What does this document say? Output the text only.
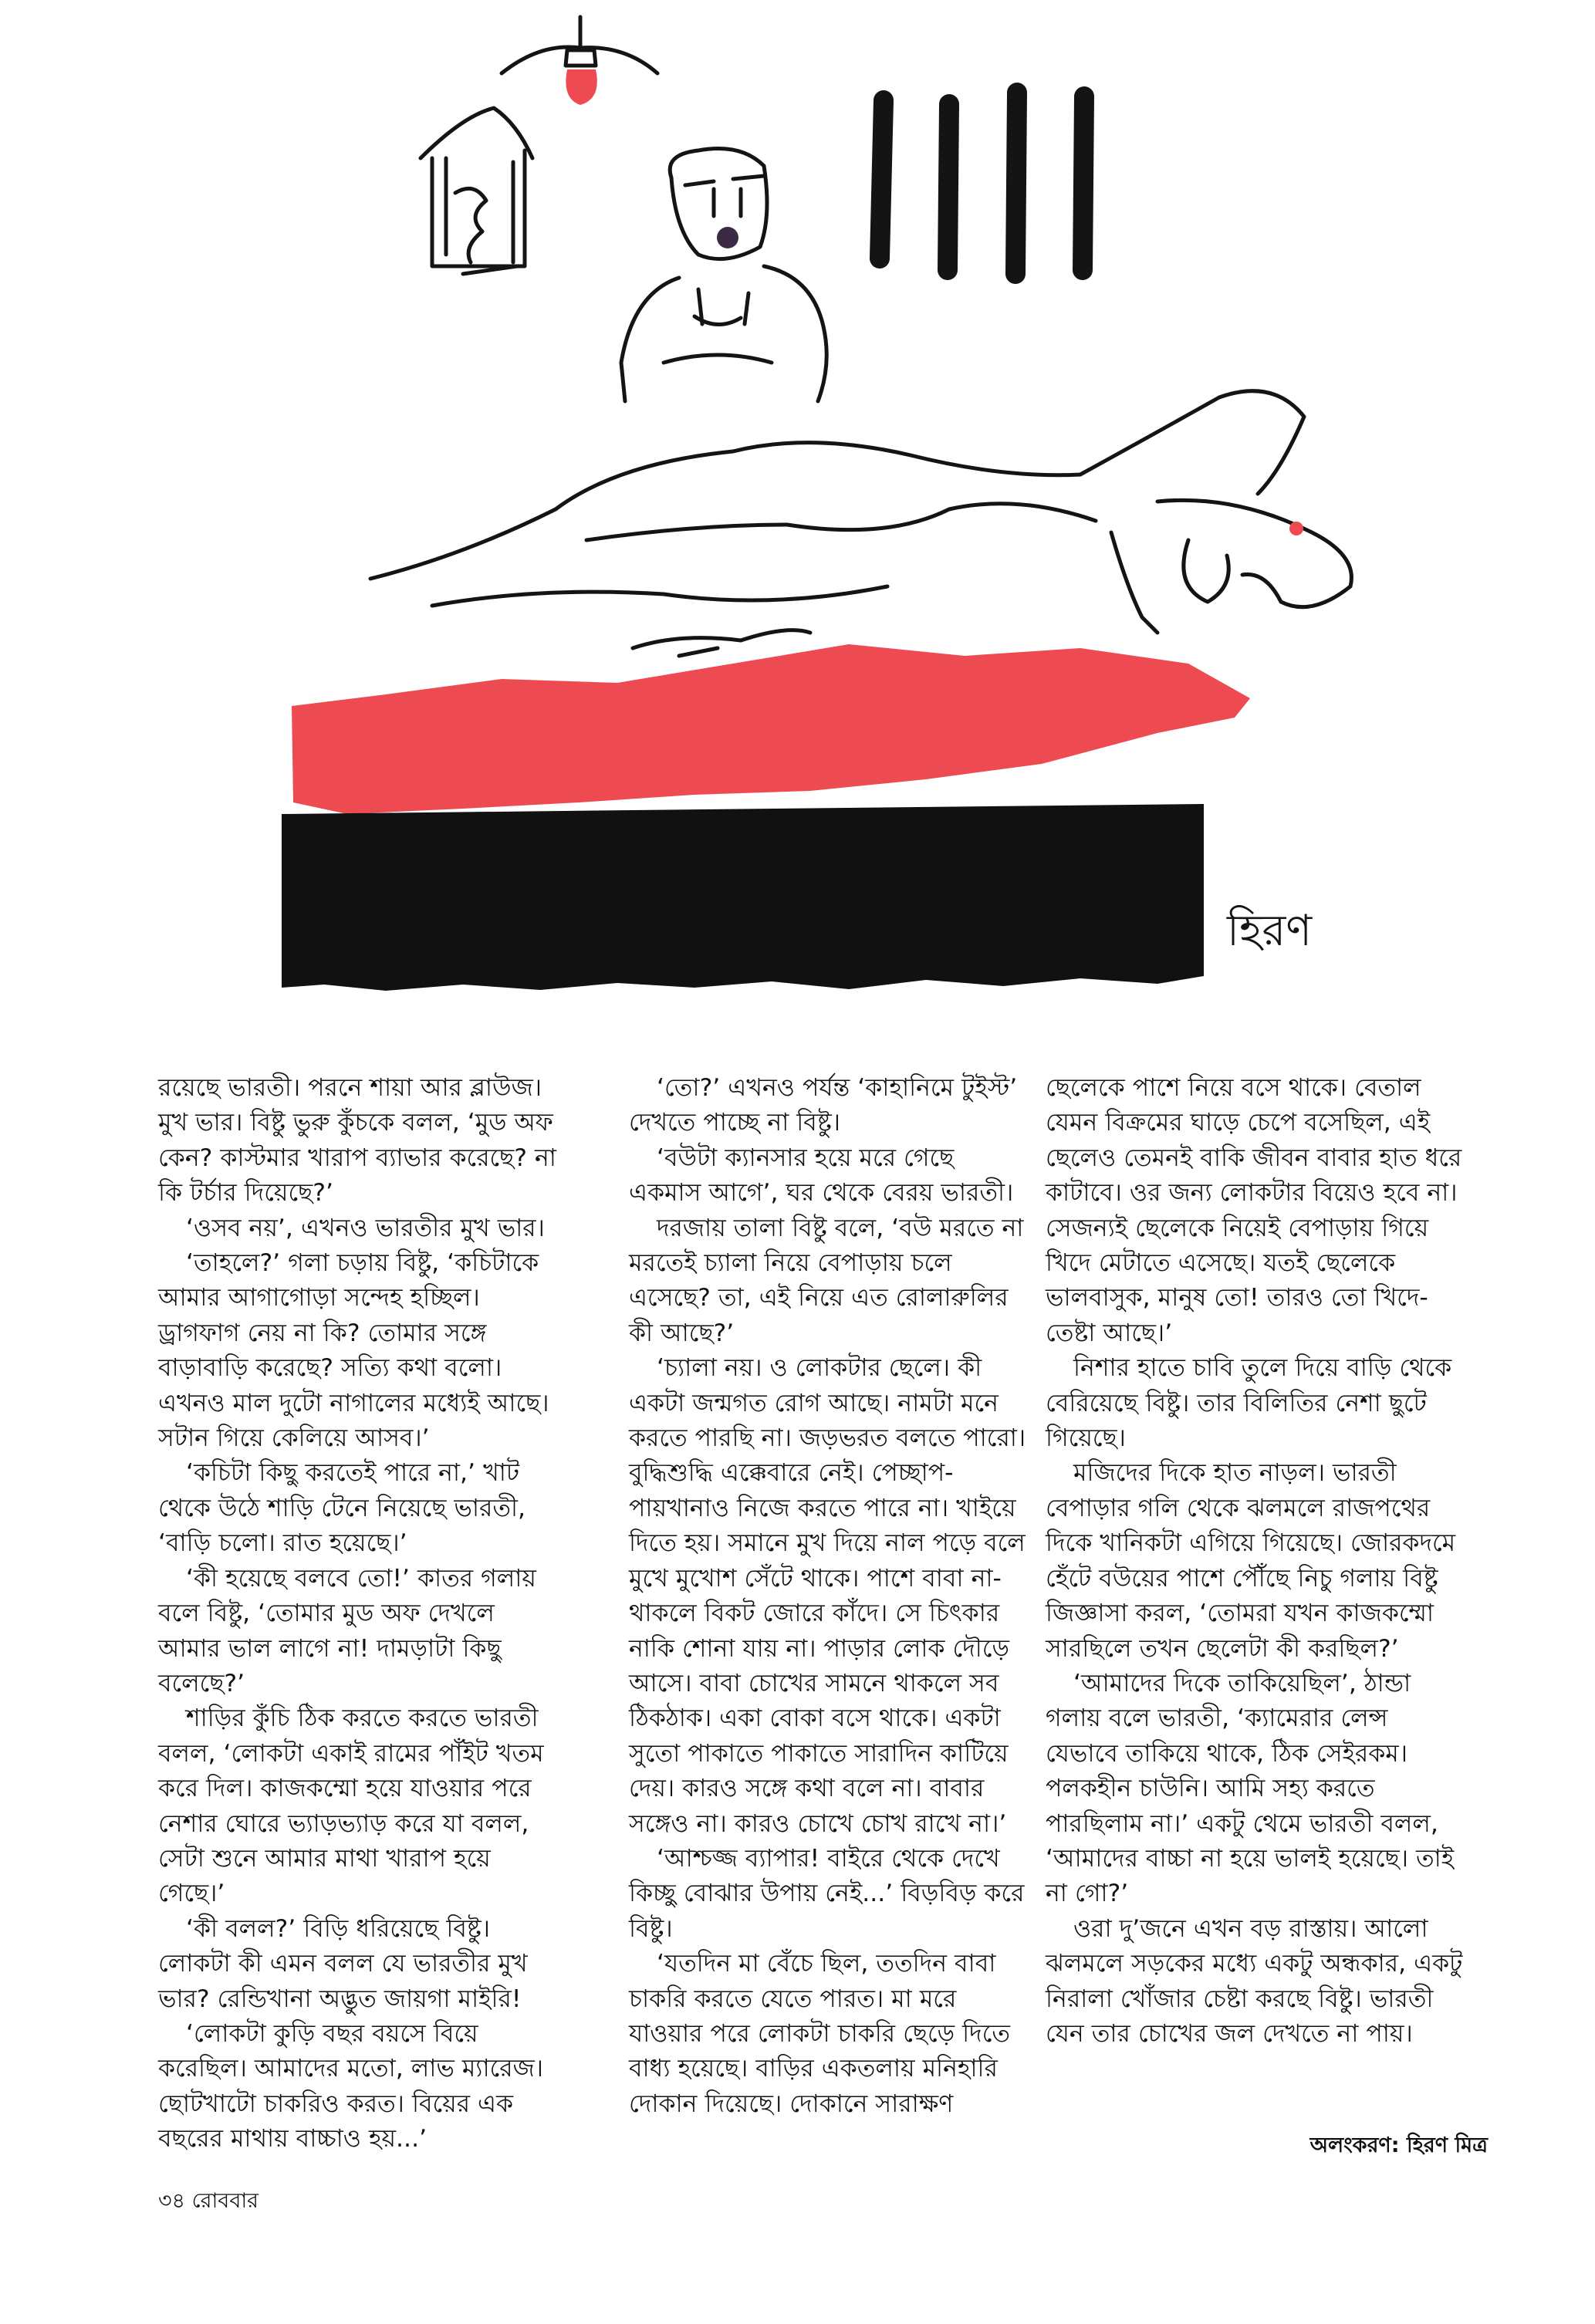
হিরণ

রয়েছে ভারতী। পরনে শায়া আর ব্লাউজ। মুখ ভার। বিষ্টু ভুরু কুঁচকে বলল, ‘মুড অফ কেন? কাস্টমার খারাপ ব্যাভার করেছে? না কি টর্চার দিয়েছে?’

‘ওসব নয়’, এখনও ভারতীর মুখ ভার।

‘তাহলে?’ গলা চড়ায় বিষ্টু, ‘কচিটাকে আমার আগাগোড়া সন্দেহ হচ্ছিল। ড্রাগফাগ নেয় না কি? তোমার সঙ্গে বাড়াবাড়ি করেছে? সত্যি কথা বলো। এখনও মাল দুটো নাগালের মধ্যেই আছে। সটান গিয়ে কেলিয়ে আসব।’

‘কচিটা কিছু করতেই পারে না,’ খাট থেকে উঠে শাড়ি টেনে নিয়েছে ভারতী, ‘বাড়ি চলো। রাত হয়েছে।’

‘কী হয়েছে বলবে তো!’ কাতর গলায় বলে বিষ্টু, ‘তোমার মুড অফ দেখলে আমার ভাল লাগে না! দামড়াটা কিছু বলেছে?’

শাড়ির কুঁচি ঠিক করতে করতে ভারতী বলল, ‘লোকটা একাই রামের পাঁইট খতম করে দিল। কাজকম্মো হয়ে যাওয়ার পরে নেশার ঘোরে ভ্যাড়ভ্যাড় করে যা বলল, সেটা শুনে আমার মাথা খারাপ হয়ে গেছে।’

‘কী বলল?’ বিড়ি ধরিয়েছে বিষ্টু। লোকটা কী এমন বলল যে ভারতীর মুখ ভার? রেন্ডিখানা অদ্ভুত জায়গা মাইরি!

‘লোকটা কুড়ি বছর বয়সে বিয়ে করেছিল। আমাদের মতো, লাভ ম্যারেজ। ছোটখাটো চাকরিও করত। বিয়ের এক বছরের মাথায় বাচ্চাও হয়...’

‘তো?’ এখনও পর্যন্ত ‘কাহানিমে টুইস্ট’ দেখতে পাচ্ছে না বিষ্টু।

‘বউটা ক্যানসার হয়ে মরে গেছে একমাস আগে’, ঘর থেকে বেরয় ভারতী।

দরজায় তালা বিষ্টু বলে, ‘বউ মরতে না মরতেই চ্যালা নিয়ে বেপাড়ায় চলে এসেছে? তা, এই নিয়ে এত রোলারুলির কী আছে?’

‘চ্যালা নয়। ও লোকটার ছেলে। কী একটা জন্মগত রোগ আছে। নামটা মনে করতে পারছি না। জড়ভরত বলতে পারো। বুদ্ধিশুদ্ধি এক্কেবারে নেই। পেচ্ছাপ-পায়খানাও নিজে করতে পারে না। খাইয়ে দিতে হয়। সমানে মুখ দিয়ে নাল পড়ে বলে মুখে মুখোশ সেঁটে থাকে। পাশে বাবা না-থাকলে বিকট জোরে কাঁদে। সে চিৎকার নাকি শোনা যায় না। পাড়ার লোক দৌড়ে আসে। বাবা চোখের সামনে থাকলে সব ঠিকঠাক। একা বোকা বসে থাকে। একটা সুতো পাকাতে পাকাতে সারাদিন কাটিয়ে দেয়। কারও সঙ্গে কথা বলে না। বাবার সঙ্গেও না। কারও চোখে চোখ রাখে না।’

‘আশ্চজ্জ ব্যাপার! বাইরে থেকে দেখে কিচ্ছু বোঝার উপায় নেই...’ বিড়বিড় করে বিষ্টু।

‘যতদিন মা বেঁচে ছিল, ততদিন বাবা চাকরি করতে যেতে পারত। মা মরে যাওয়ার পরে লোকটা চাকরি ছেড়ে দিতে বাধ্য হয়েছে। বাড়ির একতলায় মনিহারি দোকান দিয়েছে। দোকানে সারাক্ষণ

ছেলেকে পাশে নিয়ে বসে থাকে। বেতাল যেমন বিক্রমের ঘাড়ে চেপে বসেছিল, এই ছেলেও তেমনই বাকি জীবন বাবার হাত ধরে কাটাবে। ওর জন্য লোকটার বিয়েও হবে না। সেজন্যই ছেলেকে নিয়েই বেপাড়ায় গিয়ে খিদে মেটাতে এসেছে। যতই ছেলেকে ভালবাসুক, মানুষ তো! তারও তো খিদে-তেষ্টা আছে।’

নিশার হাতে চাবি তুলে দিয়ে বাড়ি থেকে বেরিয়েছে বিষ্টু। তার বিলিতির নেশা ছুটে গিয়েছে।

মজিদের দিকে হাত নাড়ল। ভারতী বেপাড়ার গলি থেকে ঝলমলে রাজপথের দিকে খানিকটা এগিয়ে গিয়েছে। জোরকদমে হেঁটে বউয়ের পাশে পৌঁছে নিচু গলায় বিষ্টু জিজ্ঞাসা করল, ‘তোমরা যখন কাজকম্মো সারছিলে তখন ছেলেটা কী করছিল?’

‘আমাদের দিকে তাকিয়েছিল’, ঠান্ডা গলায় বলে ভারতী, ‘ক্যামেরার লেন্স যেভাবে তাকিয়ে থাকে, ঠিক সেইরকম। পলকহীন চাউনি। আমি সহ্য করতে পারছিলাম না।’ একটু থেমে ভারতী বলল, ‘আমাদের বাচ্চা না হয়ে ভালই হয়েছে। তাই না গো?’

ওরা দু’জনে এখন বড় রাস্তায়। আলো ঝলমলে সড়কের মধ্যে একটু অন্ধকার, একটু নিরালা খোঁজার চেষ্টা করছে বিষ্টু। ভারতী যেন তার চোখের জল দেখতে না পায়।

অলংকরণ: হিরণ মিত্র
৩৪ রোববার
